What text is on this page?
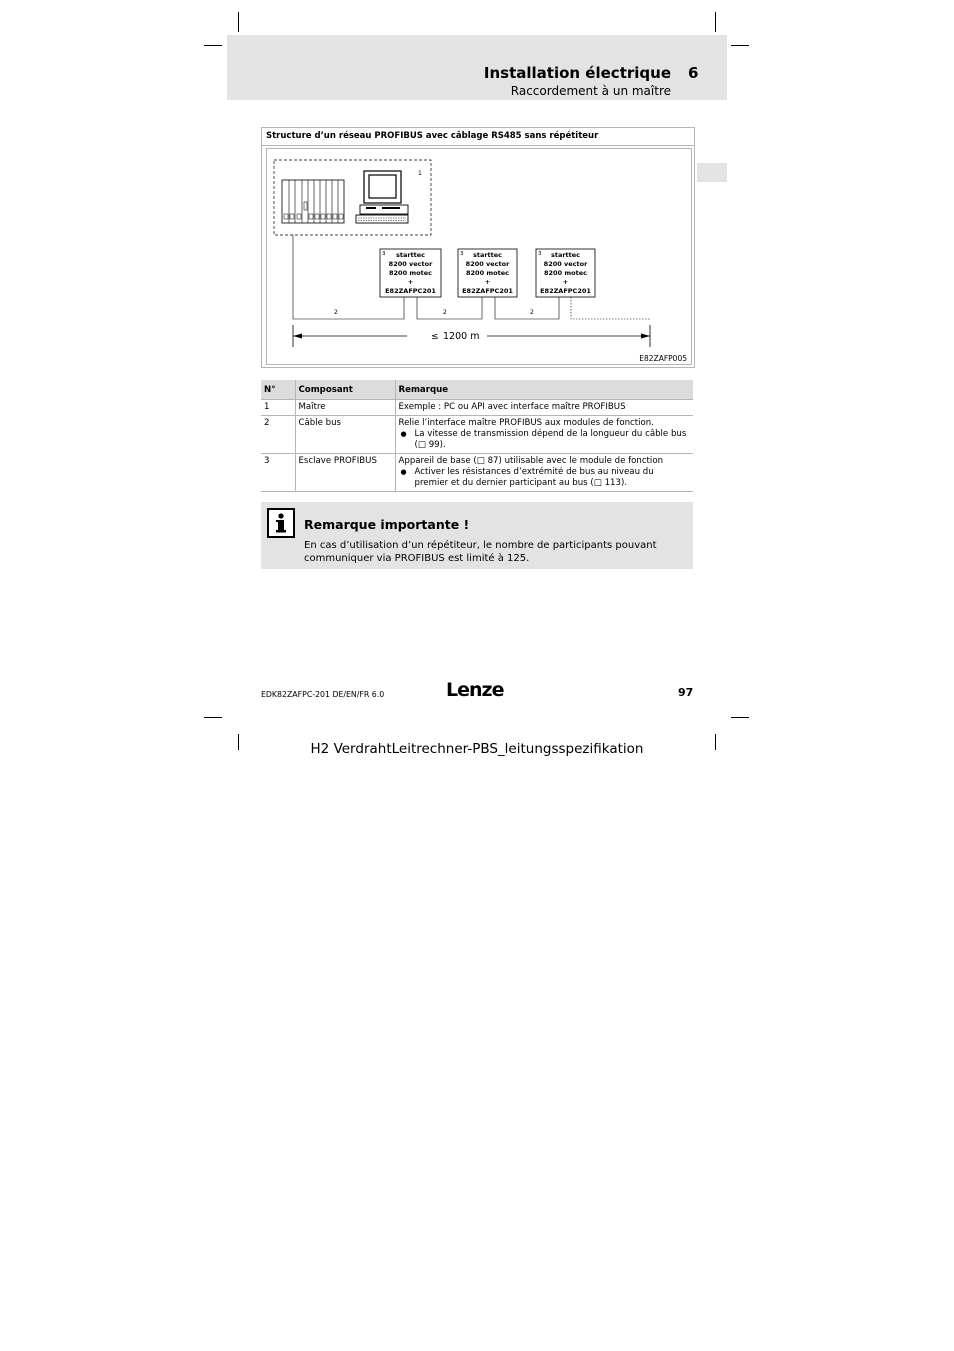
Installation électrique 6
Raccordement à un maître
Structure d’un réseau PROFIBUS avec câblage RS485 sans répétiteur
1
2	2	2
3 starttec
8200 vector
8200 motec
+
E82ZAFPC201
3 starttec
8200 vector
8200 motec
+
E82ZAFPC201
3 starttec
8200 vector
8200 motec
+
E82ZAFPC201
≤ 1200 m
E82ZAFP005
N°	Composant	Remarque
1	Maître	Exemple : PC ou API avec interface maître PROFIBUS

2	Câble bus	Relie l’interface maître PROFIBUS aux modules de fonction.
● La vitesse de transmission dépend de la longueur du câble bus (□ 99).

3	Esclave PROFIBUS	Appareil de base (□ 87) utilisable avec le module de fonction
● Activer les résistances d’extrémité de bus au niveau du premier et du dernier participant au bus (□ 113).
Remarque importante !
En cas d’utilisation d’un répétiteur, le nombre de participants pouvant communiquer via PROFIBUS est limité à 125.
EDK82ZAFPC-201 DE/EN/FR 6.0	Lenze	97
H2 VerdrahtLeitrechner-PBS_leitungsspezifikation
